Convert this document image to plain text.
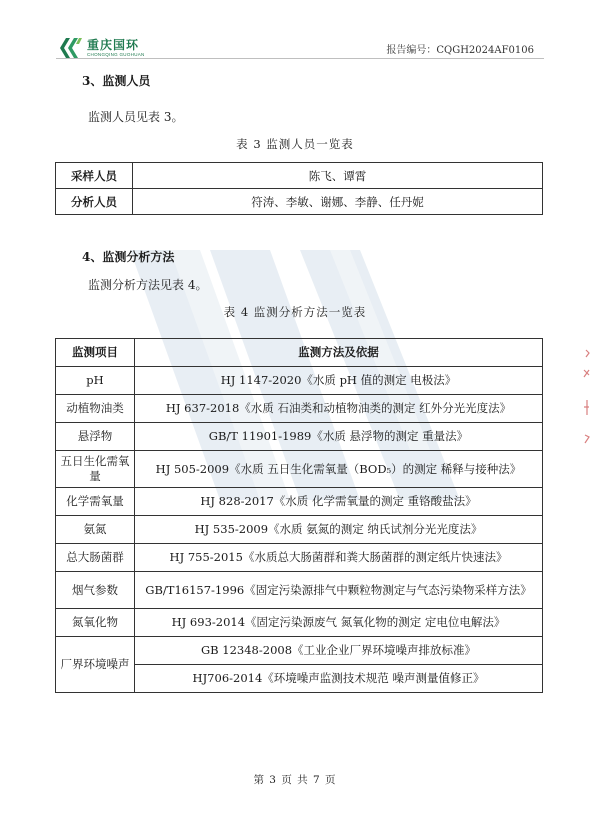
重庆国环
CHONGQING GUOHUAN	报告编号：CQGH2024AF0106
3、监测人员
监测人员见表 3。
表 3 监测人员一览表
采样人员	陈飞、谭霄
分析人员	符涛、李敏、谢娜、李静、任丹妮
4、监测分析方法
监测分析方法见表 4。
表 4 监测分析方法一览表
监测项目	监测方法及依据
pH	HJ 1147-2020《水质 pH 值的测定 电极法》
动植物油类	HJ 637-2018《水质 石油类和动植物油类的测定 红外分光光度法》
悬浮物	GB/T 11901-1989《水质 悬浮物的测定 重量法》
五日生化需氧量	HJ 505-2009《水质 五日生化需氧量（BOD₅）的测定 稀释与接种法》
化学需氧量	HJ 828-2017《水质 化学需氧量的测定 重铬酸盐法》
氨氮	HJ 535-2009《水质 氨氮的测定 纳氏试剂分光光度法》
总大肠菌群	HJ 755-2015《水质总大肠菌群和粪大肠菌群的测定纸片快速法》
烟气参数	GB/T16157-1996《固定污染源排气中颗粒物测定与气态污染物采样方法》
氮氧化物	HJ 693-2014《固定污染源废气 氮氧化物的测定 定电位电解法》
厂界环境噪声	GB 12348-2008《工业企业厂界环境噪声排放标准》
	HJ706-2014《环境噪声监测技术规范 噪声测量值修正》
第 3 页 共 7 页
